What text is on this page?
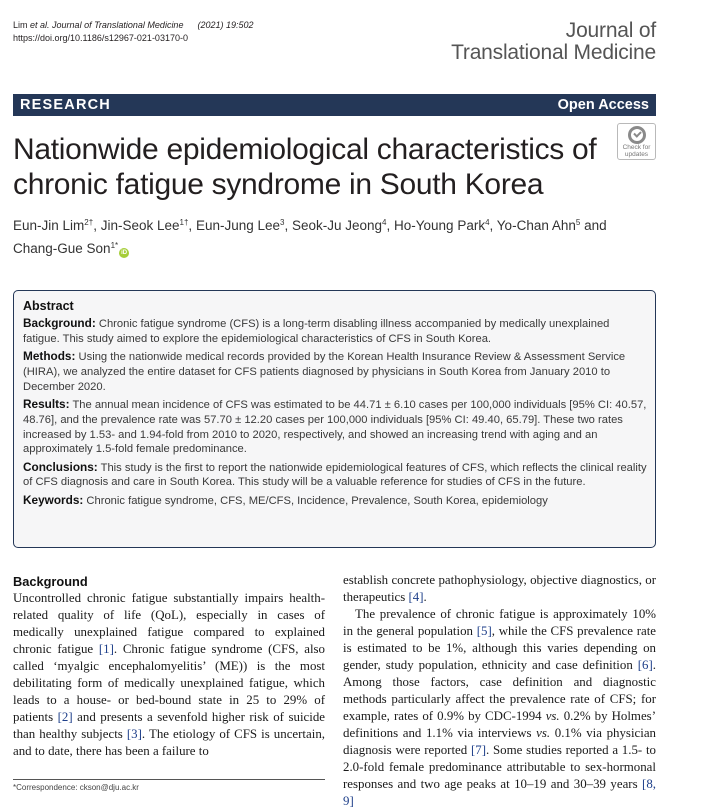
Lim et al. Journal of Translational Medicine (2021) 19:502
https://doi.org/10.1186/s12967-021-03170-0	Journal of
Translational Medicine
RESEARCH	Open Access
Nationwide epidemiological characteristics of chronic fatigue syndrome in South Korea
Check for
updates
Eun-Jin Lim$^{2\dagger}$, Jin-Seok Lee$^{1\dagger}$, Eun-Jung Lee$^3$, Seok-Ju Jeong$^4$, Ho-Young Park$^4$, Yo-Chan Ahn$^5$ and
Chang-Gue Son$^{1*}$iD
Abstract

Background: Chronic fatigue syndrome (CFS) is a long-term disabling illness accompanied by medically unexplained fatigue. This study aimed to explore the epidemiological characteristics of CFS in South Korea.

Methods: Using the nationwide medical records provided by the Korean Health Insurance Review & Assessment Service (HIRA), we analyzed the entire dataset for CFS patients diagnosed by physicians in South Korea from January 2010 to December 2020.

Results: The annual mean incidence of CFS was estimated to be 44.71 ± 6.10 cases per 100,000 individuals [95% CI: 40.57, 48.76], and the prevalence rate was 57.70 ± 12.20 cases per 100,000 individuals [95% CI: 49.40, 65.79]. These two rates increased by 1.53- and 1.94-fold from 2010 to 2020, respectively, and showed an increasing trend with aging and an approximately 1.5-fold female predominance.

Conclusions: This study is the first to report the nationwide epidemiological features of CFS, which reflects the clinical reality of CFS diagnosis and care in South Korea. This study will be a valuable reference for studies of CFS in the future.

Keywords: Chronic fatigue syndrome, CFS, ME/CFS, Incidence, Prevalence, South Korea, epidemiology

Background

Uncontrolled chronic fatigue substantially impairs health-related quality of life (QoL), especially in cases of medically unexplained fatigue compared to explained chronic fatigue [1]. Chronic fatigue syndrome (CFS, also called ‘myalgic encephalomyelitis’ (ME)) is the most debilitating form of medically unexplained fatigue, which leads to a house- or bed-bound state in 25 to 29% of patients [2] and presents a sevenfold higher risk of suicide than healthy subjects [3]. The etiology of CFS is uncertain, and to date, there has been a failure to

establish concrete pathophysiology, objective diagnostics, or therapeutics [4].

The prevalence of chronic fatigue is approximately 10% in the general population [5], while the CFS prevalence rate is estimated to be 1%, although this varies depending on gender, study population, ethnicity and case definition [6]. Among those factors, case definition and diagnostic methods particularly affect the prevalence rate of CFS; for example, rates of 0.9% by CDC-1994 vs. 0.2% by Holmes’ definitions and 1.1% via interviews vs. 0.1% via physician diagnosis were reported [7]. Some studies reported a 1.5- to 2.0-fold female predominance attributable to sex-hormonal responses and two age peaks at 10–19 and 30–39 years [8, 9]

*Correspondence: ckson@dju.ac.kr
